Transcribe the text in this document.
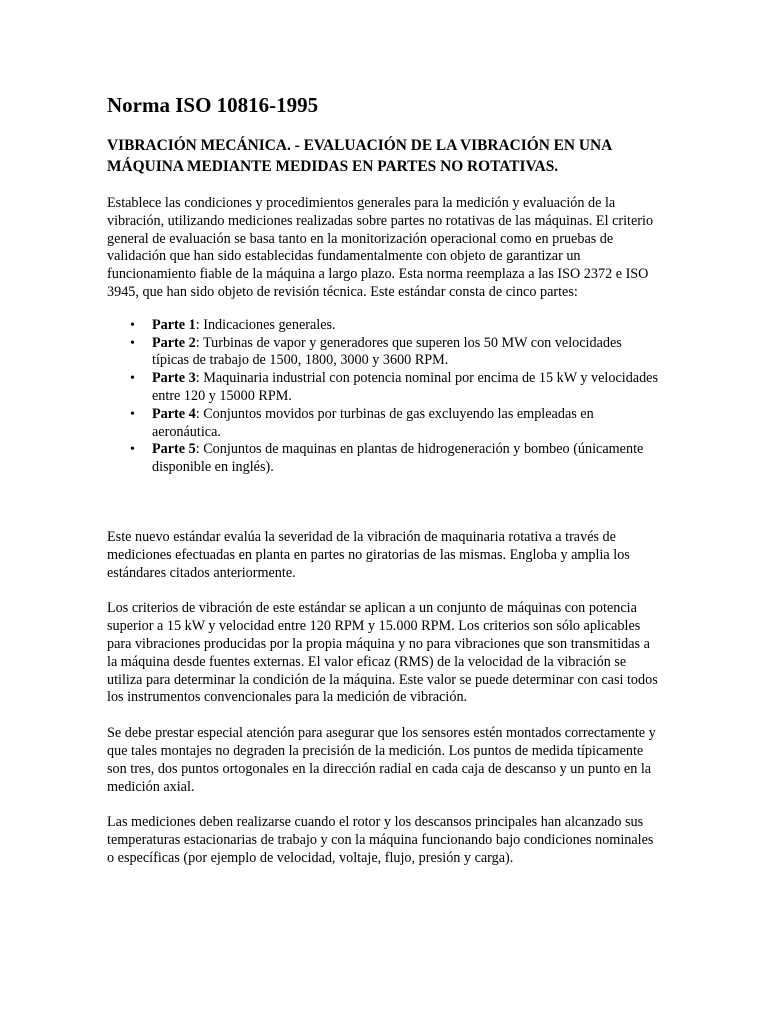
Norma ISO 10816-1995
VIBRACIÓN MECÁNICA. - EVALUACIÓN DE LA VIBRACIÓN EN UNA MÁQUINA MEDIANTE MEDIDAS EN PARTES NO ROTATIVAS.

Establece las condiciones y procedimientos generales para la medición y evaluación de la vibración, utilizando mediciones realizadas sobre partes no rotativas de las máquinas. El criterio general de evaluación se basa tanto en la monitorización operacional como en pruebas de validación que han sido establecidas fundamentalmente con objeto de garantizar un funcionamiento fiable de la máquina a largo plazo. Esta norma reemplaza a las ISO 2372 e ISO 3945, que han sido objeto de revisión técnica. Este estándar consta de cinco partes:

• Parte 1: Indicaciones generales.
• Parte 2: Turbinas de vapor y generadores que superen los 50 MW con velocidades típicas de trabajo de 1500, 1800, 3000 y 3600 RPM.
• Parte 3: Maquinaria industrial con potencia nominal por encima de 15 kW y velocidades entre 120 y 15000 RPM.
• Parte 4: Conjuntos movidos por turbinas de gas excluyendo las empleadas en aeronáutica.
• Parte 5: Conjuntos de maquinas en plantas de hidrogeneración y bombeo (únicamente disponible en inglés).

Este nuevo estándar evalúa la severidad de la vibración de maquinaria rotativa a través de mediciones efectuadas en planta en partes no giratorias de las mismas. Engloba y amplia los estándares citados anteriormente.

Los criterios de vibración de este estándar se aplican a un conjunto de máquinas con potencia superior a 15 kW y velocidad entre 120 RPM y 15.000 RPM. Los criterios son sólo aplicables para vibraciones producidas por la propia máquina y no para vibraciones que son transmitidas a la máquina desde fuentes externas. El valor eficaz (RMS) de la velocidad de la vibración se utiliza para determinar la condición de la máquina. Este valor se puede determinar con casi todos los instrumentos convencionales para la medición de vibración.

Se debe prestar especial atención para asegurar que los sensores estén montados correctamente y que tales montajes no degraden la precisión de la medición. Los puntos de medida típicamente son tres, dos puntos ortogonales en la dirección radial en cada caja de descanso y un punto en la medición axial.

Las mediciones deben realizarse cuando el rotor y los descansos principales han alcanzado sus temperaturas estacionarias de trabajo y con la máquina funcionando bajo condiciones nominales o específicas (por ejemplo de velocidad, voltaje, flujo, presión y carga).
